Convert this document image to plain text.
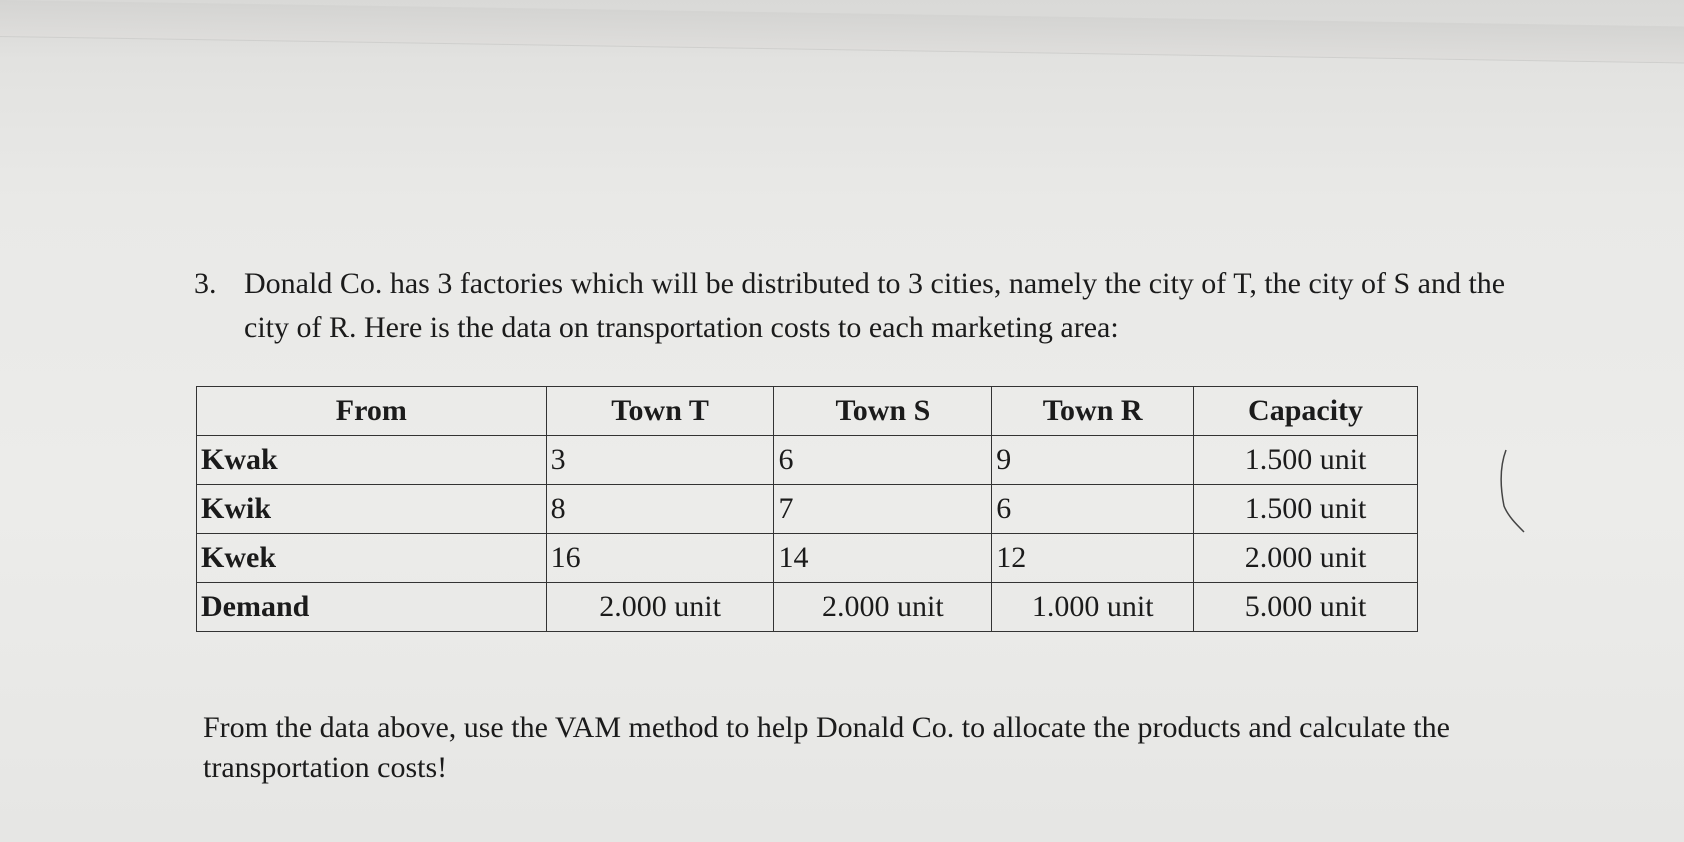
3. Donald Co. has 3 factories which will be distributed to 3 cities, namely the city of T, the city of S and the city of R. Here is the data on transportation costs to each marketing area:
From	Town T	Town S	Town R	Capacity
Kwak	3	6	9	1.500 unit
Kwik	8	7	6	1.500 unit
Kwek	16	14	12	2.000 unit
Demand	2.000 unit	2.000 unit	1.000 unit	5.000 unit
From the data above, use the VAM method to help Donald Co. to allocate the products and calculate the transportation costs!
